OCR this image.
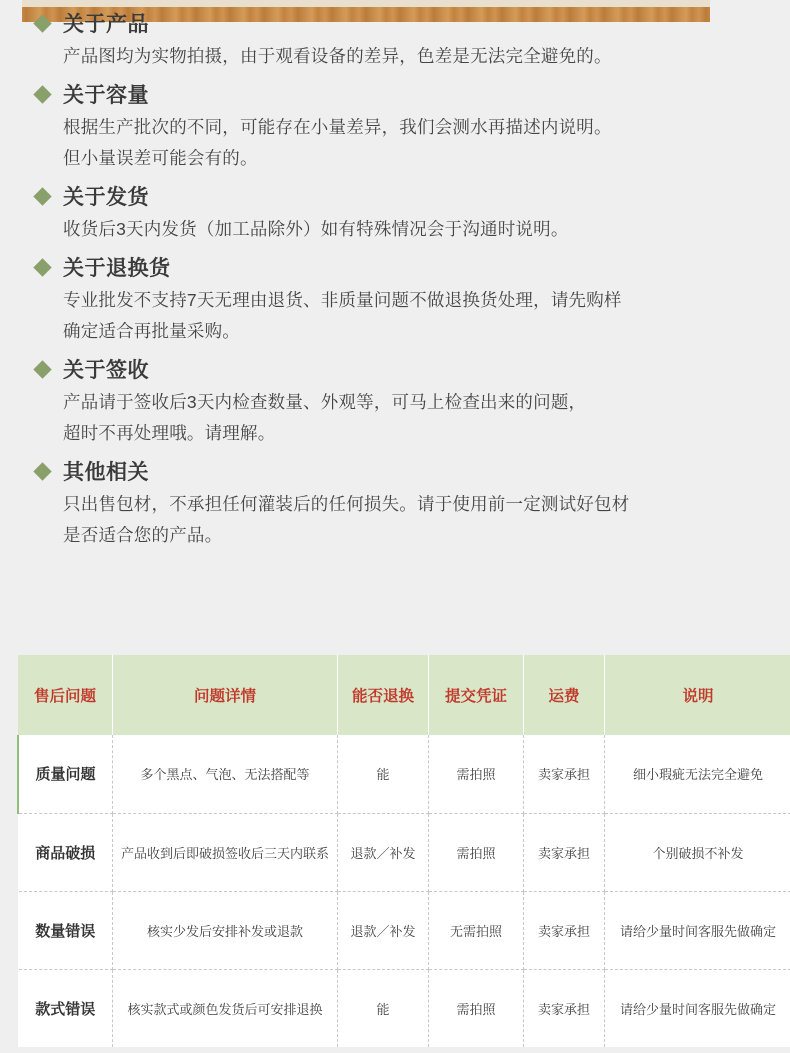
关于产品
产品图均为实物拍摄，由于观看设备的差异，色差是无法完全避免的。
关于容量
根据生产批次的不同，可能存在小量差异，我们会测水再描述内说明。
但小量误差可能会有的。
关于发货
收货后3天内发货（加工品除外）如有特殊情况会于沟通时说明。
关于退换货
专业批发不支持7天无理由退货、非质量问题不做退换货处理，请先购样
确定适合再批量采购。
关于签收
产品请于签收后3天内检查数量、外观等，可马上检查出来的问题，
超时不再处理哦。请理解。
其他相关
只出售包材，不承担任何灌装后的任何损失。请于使用前一定测试好包材
是否适合您的产品。
售后问题	问题详情	能否退换	提交凭证	运费	说明
质量问题	多个黑点、气泡、无法搭配等	能	需拍照	卖家承担	细小瑕疵无法完全避免
商品破损	产品收到后即破损签收后三天内联系	退款／补发	需拍照	卖家承担	个别破损不补发
数量错误	核实少发后安排补发或退款	退款／补发	无需拍照	卖家承担	请给少量时间客服先做确定
款式错误	核实款式或颜色发货后可安排退换	能	需拍照	卖家承担	请给少量时间客服先做确定
